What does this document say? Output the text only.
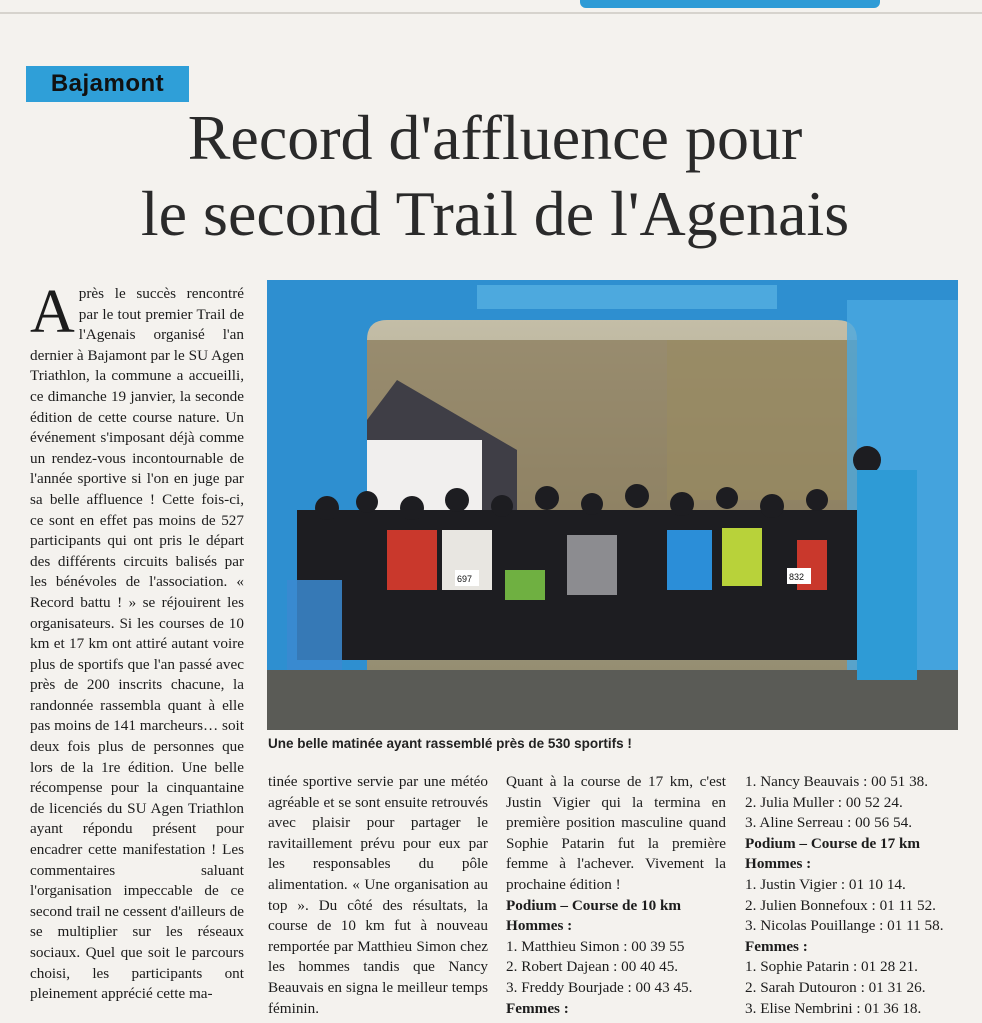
Bajamont
Record d'affluence pour
le second Trail de l'Agenais
Après le succès rencontré par le tout premier Trail de l'Agenais organisé l'an dernier à Bajamont par le SU Agen Triathlon, la commune a accueilli, ce dimanche 19 janvier, la seconde édition de cette course nature. Un événement s'imposant déjà comme un rendez-vous incontournable de l'année sportive si l'on en juge par sa belle affluence ! Cette fois-ci, ce sont en effet pas moins de 527 participants qui ont pris le départ des différents circuits balisés par les bénévoles de l'association. « Record battu ! » se réjouirent les organisateurs. Si les courses de 10 km et 17 km ont attiré autant voire plus de sportifs que l'an passé avec près de 200 inscrits chacune, la randonnée rassembla quant à elle pas moins de 141 marcheurs… soit deux fois plus de personnes que lors de la 1re édition. Une belle récompense pour la cinquantaine de licenciés du SU Agen Triathlon ayant répondu présent pour encadrer cette manifestation ! Les commentaires saluant l'organisation impeccable de ce second trail ne cessent d'ailleurs de se multiplier sur les réseaux sociaux. Quel que soit le parcours choisi, les participants ont pleinement apprécié cette ma-
697	832
Une belle matinée ayant rassemblé près de 530 sportifs !
tinée sportive servie par une météo agréable et se sont ensuite retrouvés avec plaisir pour partager le ravitaillement prévu pour eux par les responsables du pôle alimentation. « Une organisation au top ». Du côté des résultats, la course de 10 km fut à nouveau remportée par Matthieu Simon chez les hommes tandis que Nancy Beauvais en signa le meilleur temps féminin.
Quant à la course de 17 km, c'est Justin Vigier qui la termina en première position masculine quand Sophie Patarin fut la première femme à l'achever. Vivement la prochaine édition !
Podium – Course de 10 km
Hommes :
1. Matthieu Simon : 00 39 55
2. Robert Dajean : 00 40 45.
3. Freddy Bourjade : 00 43 45.
Femmes :
1. Nancy Beauvais : 00 51 38.
2. Julia Muller : 00 52 24.
3. Aline Serreau : 00 56 54.
Podium – Course de 17 km
Hommes :
1. Justin Vigier : 01 10 14.
2. Julien Bonnefoux : 01 11 52.
3. Nicolas Pouillange : 01 11 58.
Femmes :
1. Sophie Patarin : 01 28 21.
2. Sarah Dutouron : 01 31 26.
3. Elise Nembrini : 01 36 18.
